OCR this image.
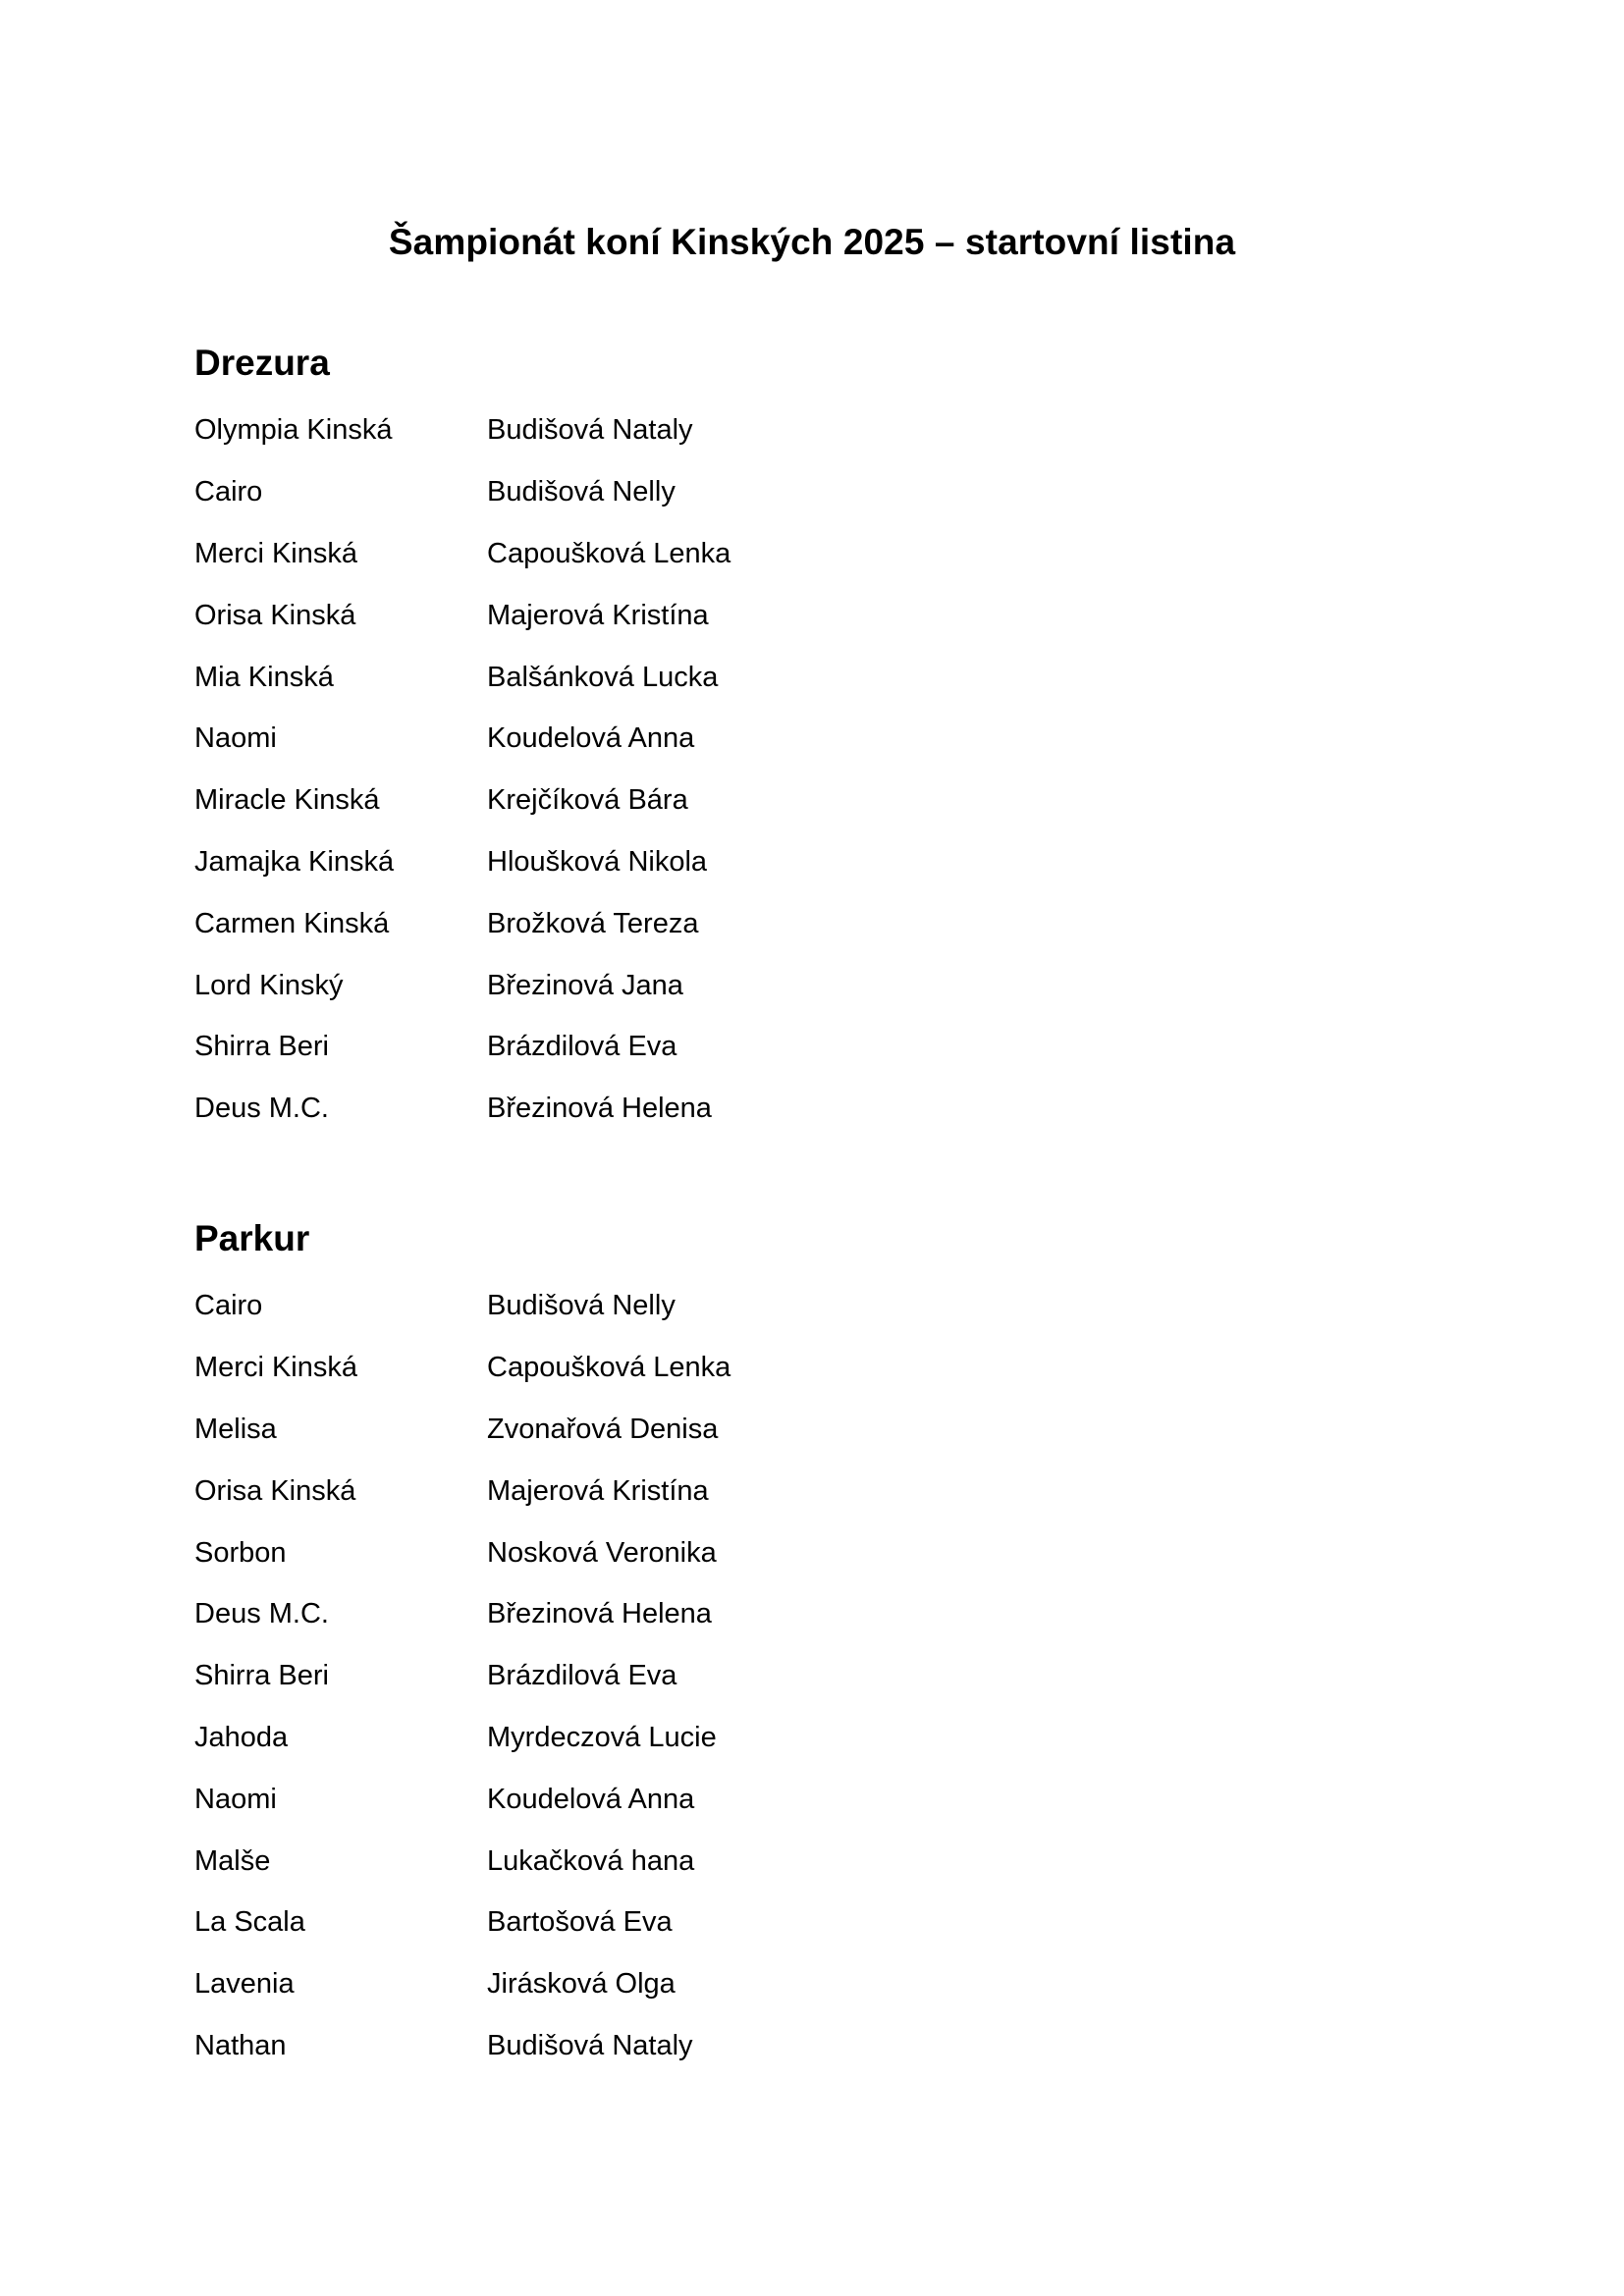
Šampionát koní Kinských 2025 – startovní listina
Drezura
Olympia Kinská	Budišová Nataly
Cairo	Budišová Nelly
Merci Kinská	Capoušková Lenka
Orisa Kinská	Majerová Kristína
Mia Kinská	Balšánková Lucka
Naomi	Koudelová Anna
Miracle Kinská	Krejčíková Bára
Jamajka Kinská	Hloušková Nikola
Carmen Kinská	Brožková Tereza
Lord Kinský	Březinová Jana
Shirra Beri	Brázdilová Eva
Deus M.C.	Březinová Helena
Parkur
Cairo	Budišová Nelly
Merci Kinská	Capoušková Lenka
Melisa	Zvonařová Denisa
Orisa Kinská	Majerová Kristína
Sorbon	Nosková Veronika
Deus M.C.	Březinová Helena
Shirra Beri	Brázdilová Eva
Jahoda	Myrdeczová Lucie
Naomi	Koudelová Anna
Malše	Lukačková hana
La Scala	Bartošová Eva
Lavenia	Jirásková Olga
Nathan	Budišová Nataly
